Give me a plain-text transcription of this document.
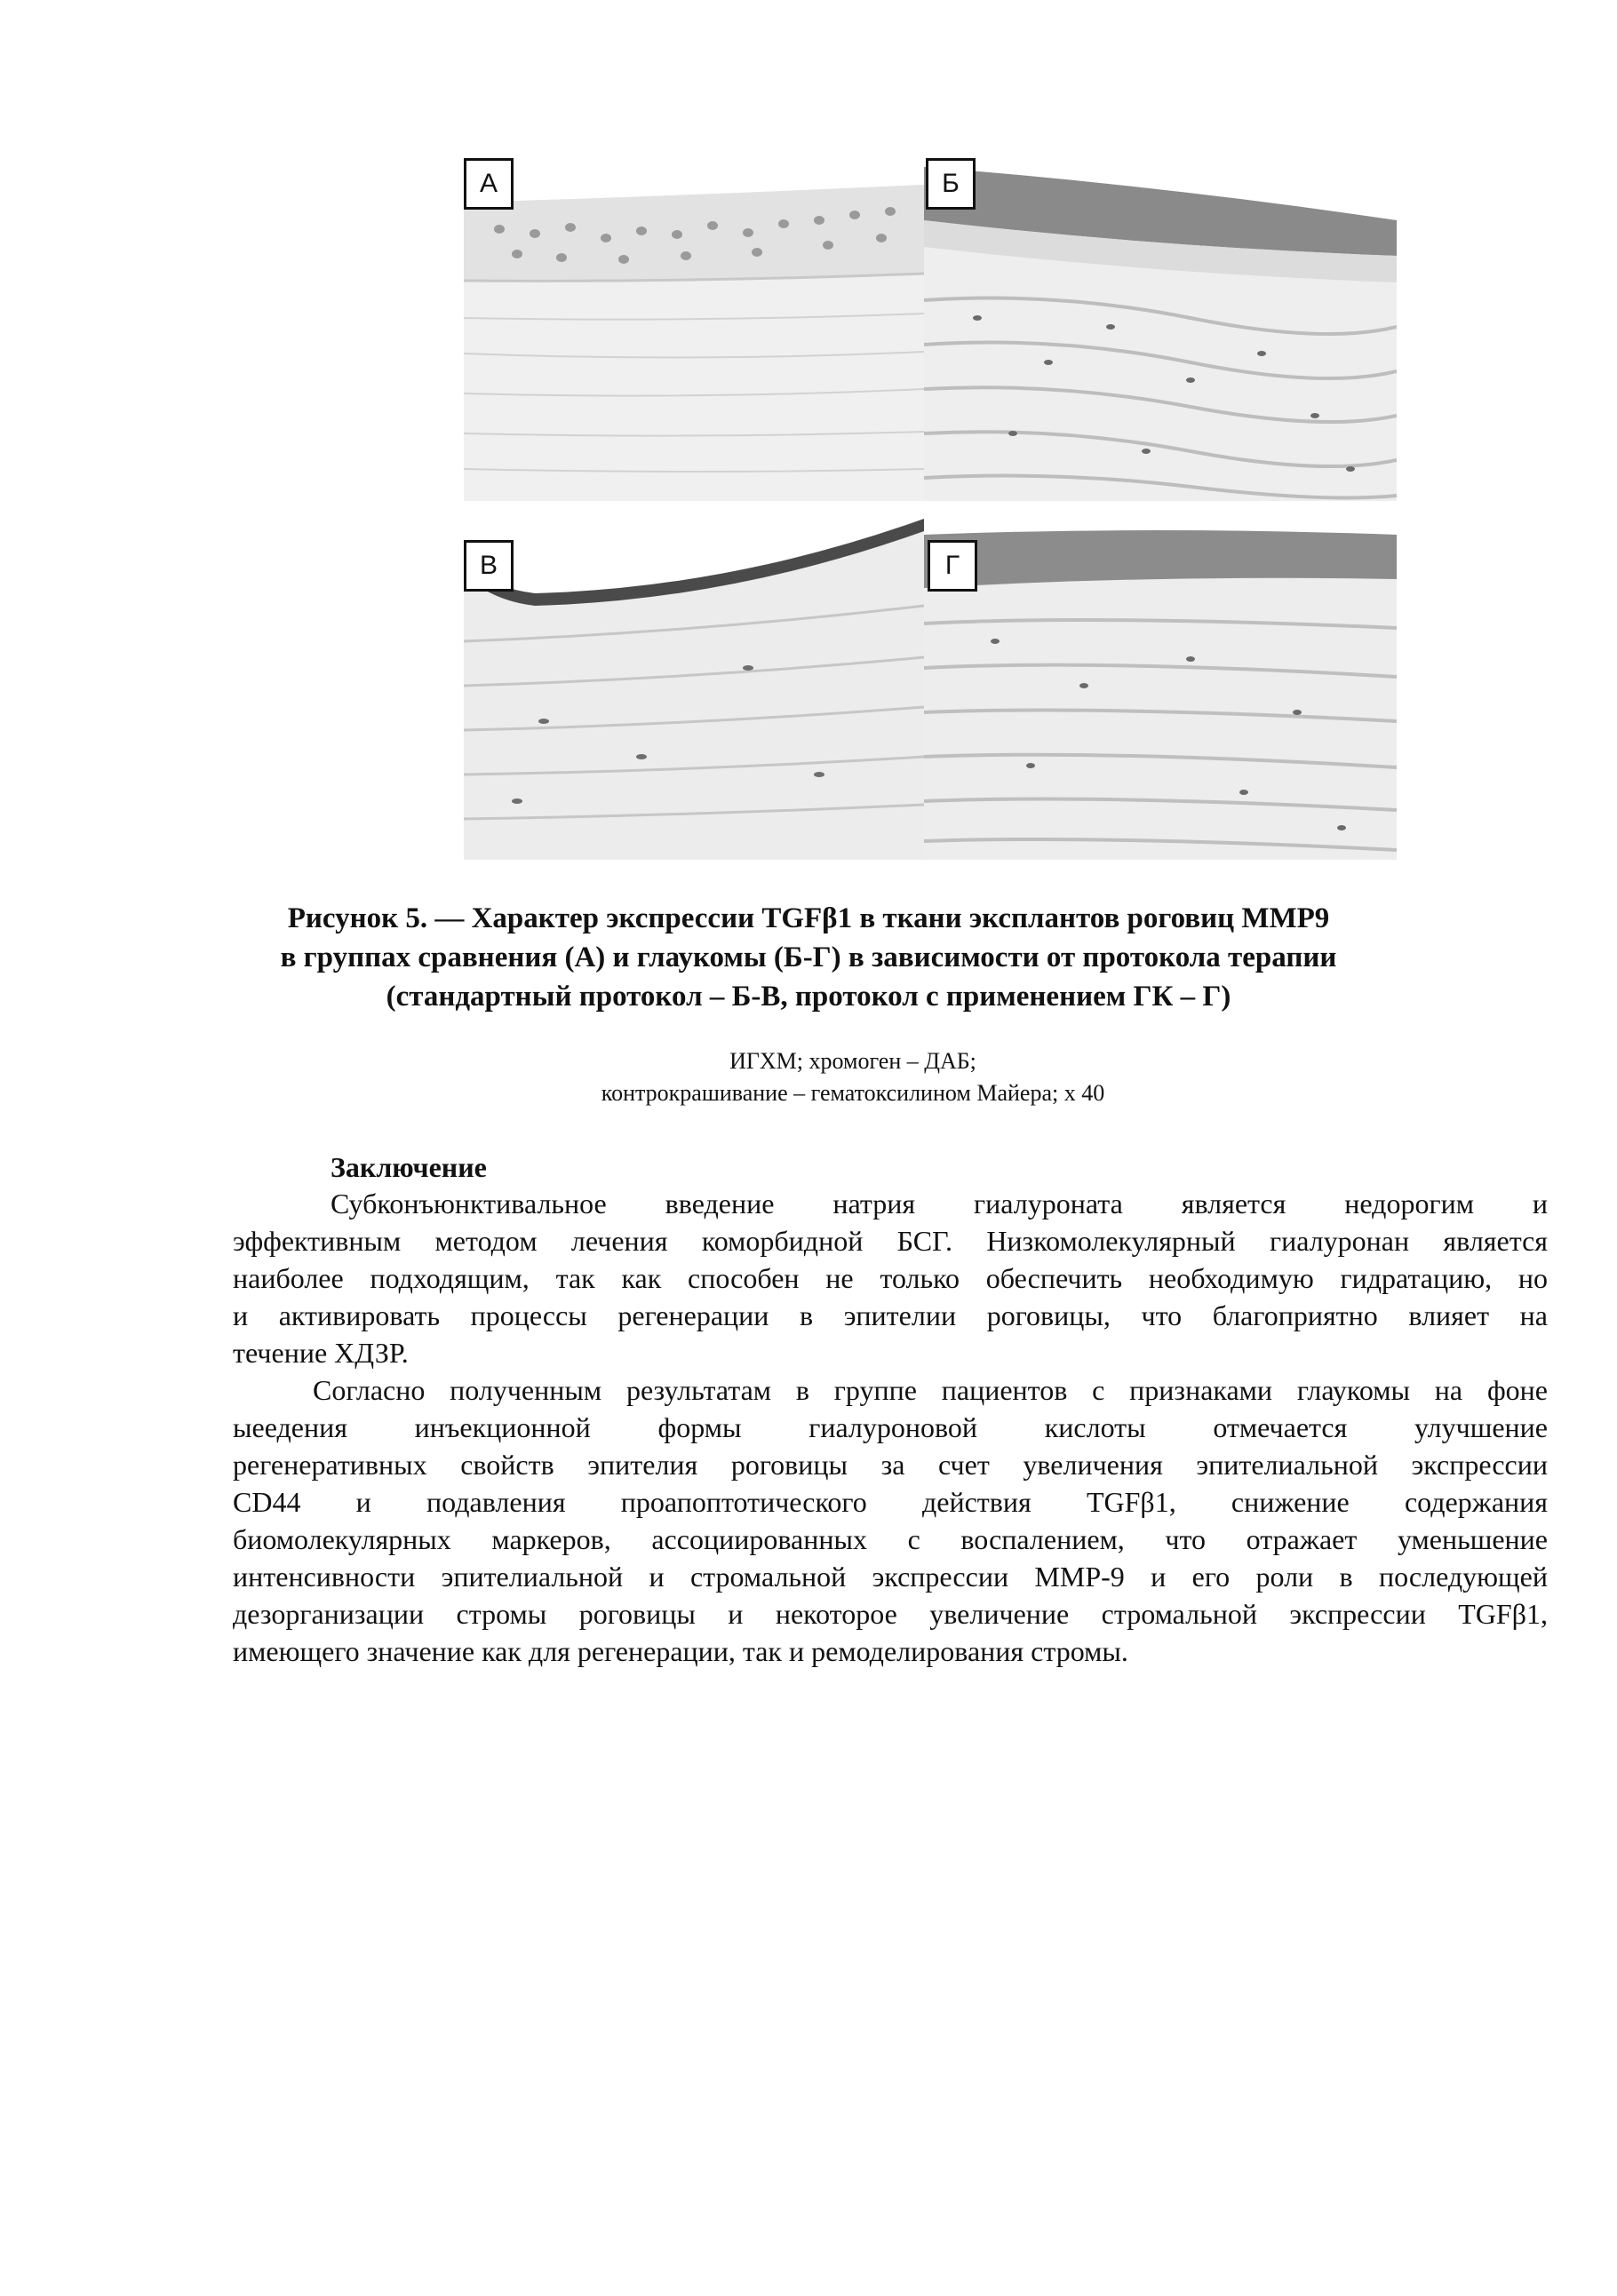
А	Б
В	Г
Рисунок 5. — Характер экспрессии TGFβ1 в ткани эксплантов роговиц ММР9
в группах сравнения (А) и глаукомы (Б-Г) в зависимости от протокола терапии
(стандартный протокол – Б-В, протокол с применением ГК – Г)
ИГХМ; хромоген – ДАБ;
контрокрашивание – гематоксилином Майера; х 40
Заключение
Субконъюнктивальное введение натрия гиалуроната является недорогим и
эффективным методом лечения коморбидной БСГ. Низкомолекулярный гиалуронан является
наиболее подходящим, так как способен не только обеспечить необходимую гидратацию, но
и активировать процессы регенерации в эпителии роговицы, что благоприятно влияет на
течение ХДЗР.
Согласно полученным результатам в группе пациентов с признаками глаукомы на фоне
ыеедения инъекционной формы гиалуроновой кислоты отмечается улучшение
регенеративных свойств эпителия роговицы за счет увеличения эпителиальной экспрессии
CD44 и подавления проапоптотического действия TGFβ1, снижение содержания
биомолекулярных маркеров, ассоциированных с воспалением, что отражает уменьшение
интенсивности эпителиальной и стромальной экспрессии ММР-9 и его роли в последующей
дезорганизации стромы роговицы и некоторое увеличение стромальной экспрессии TGFβ1,
имеющего значение как для регенерации, так и ремоделирования стромы.
